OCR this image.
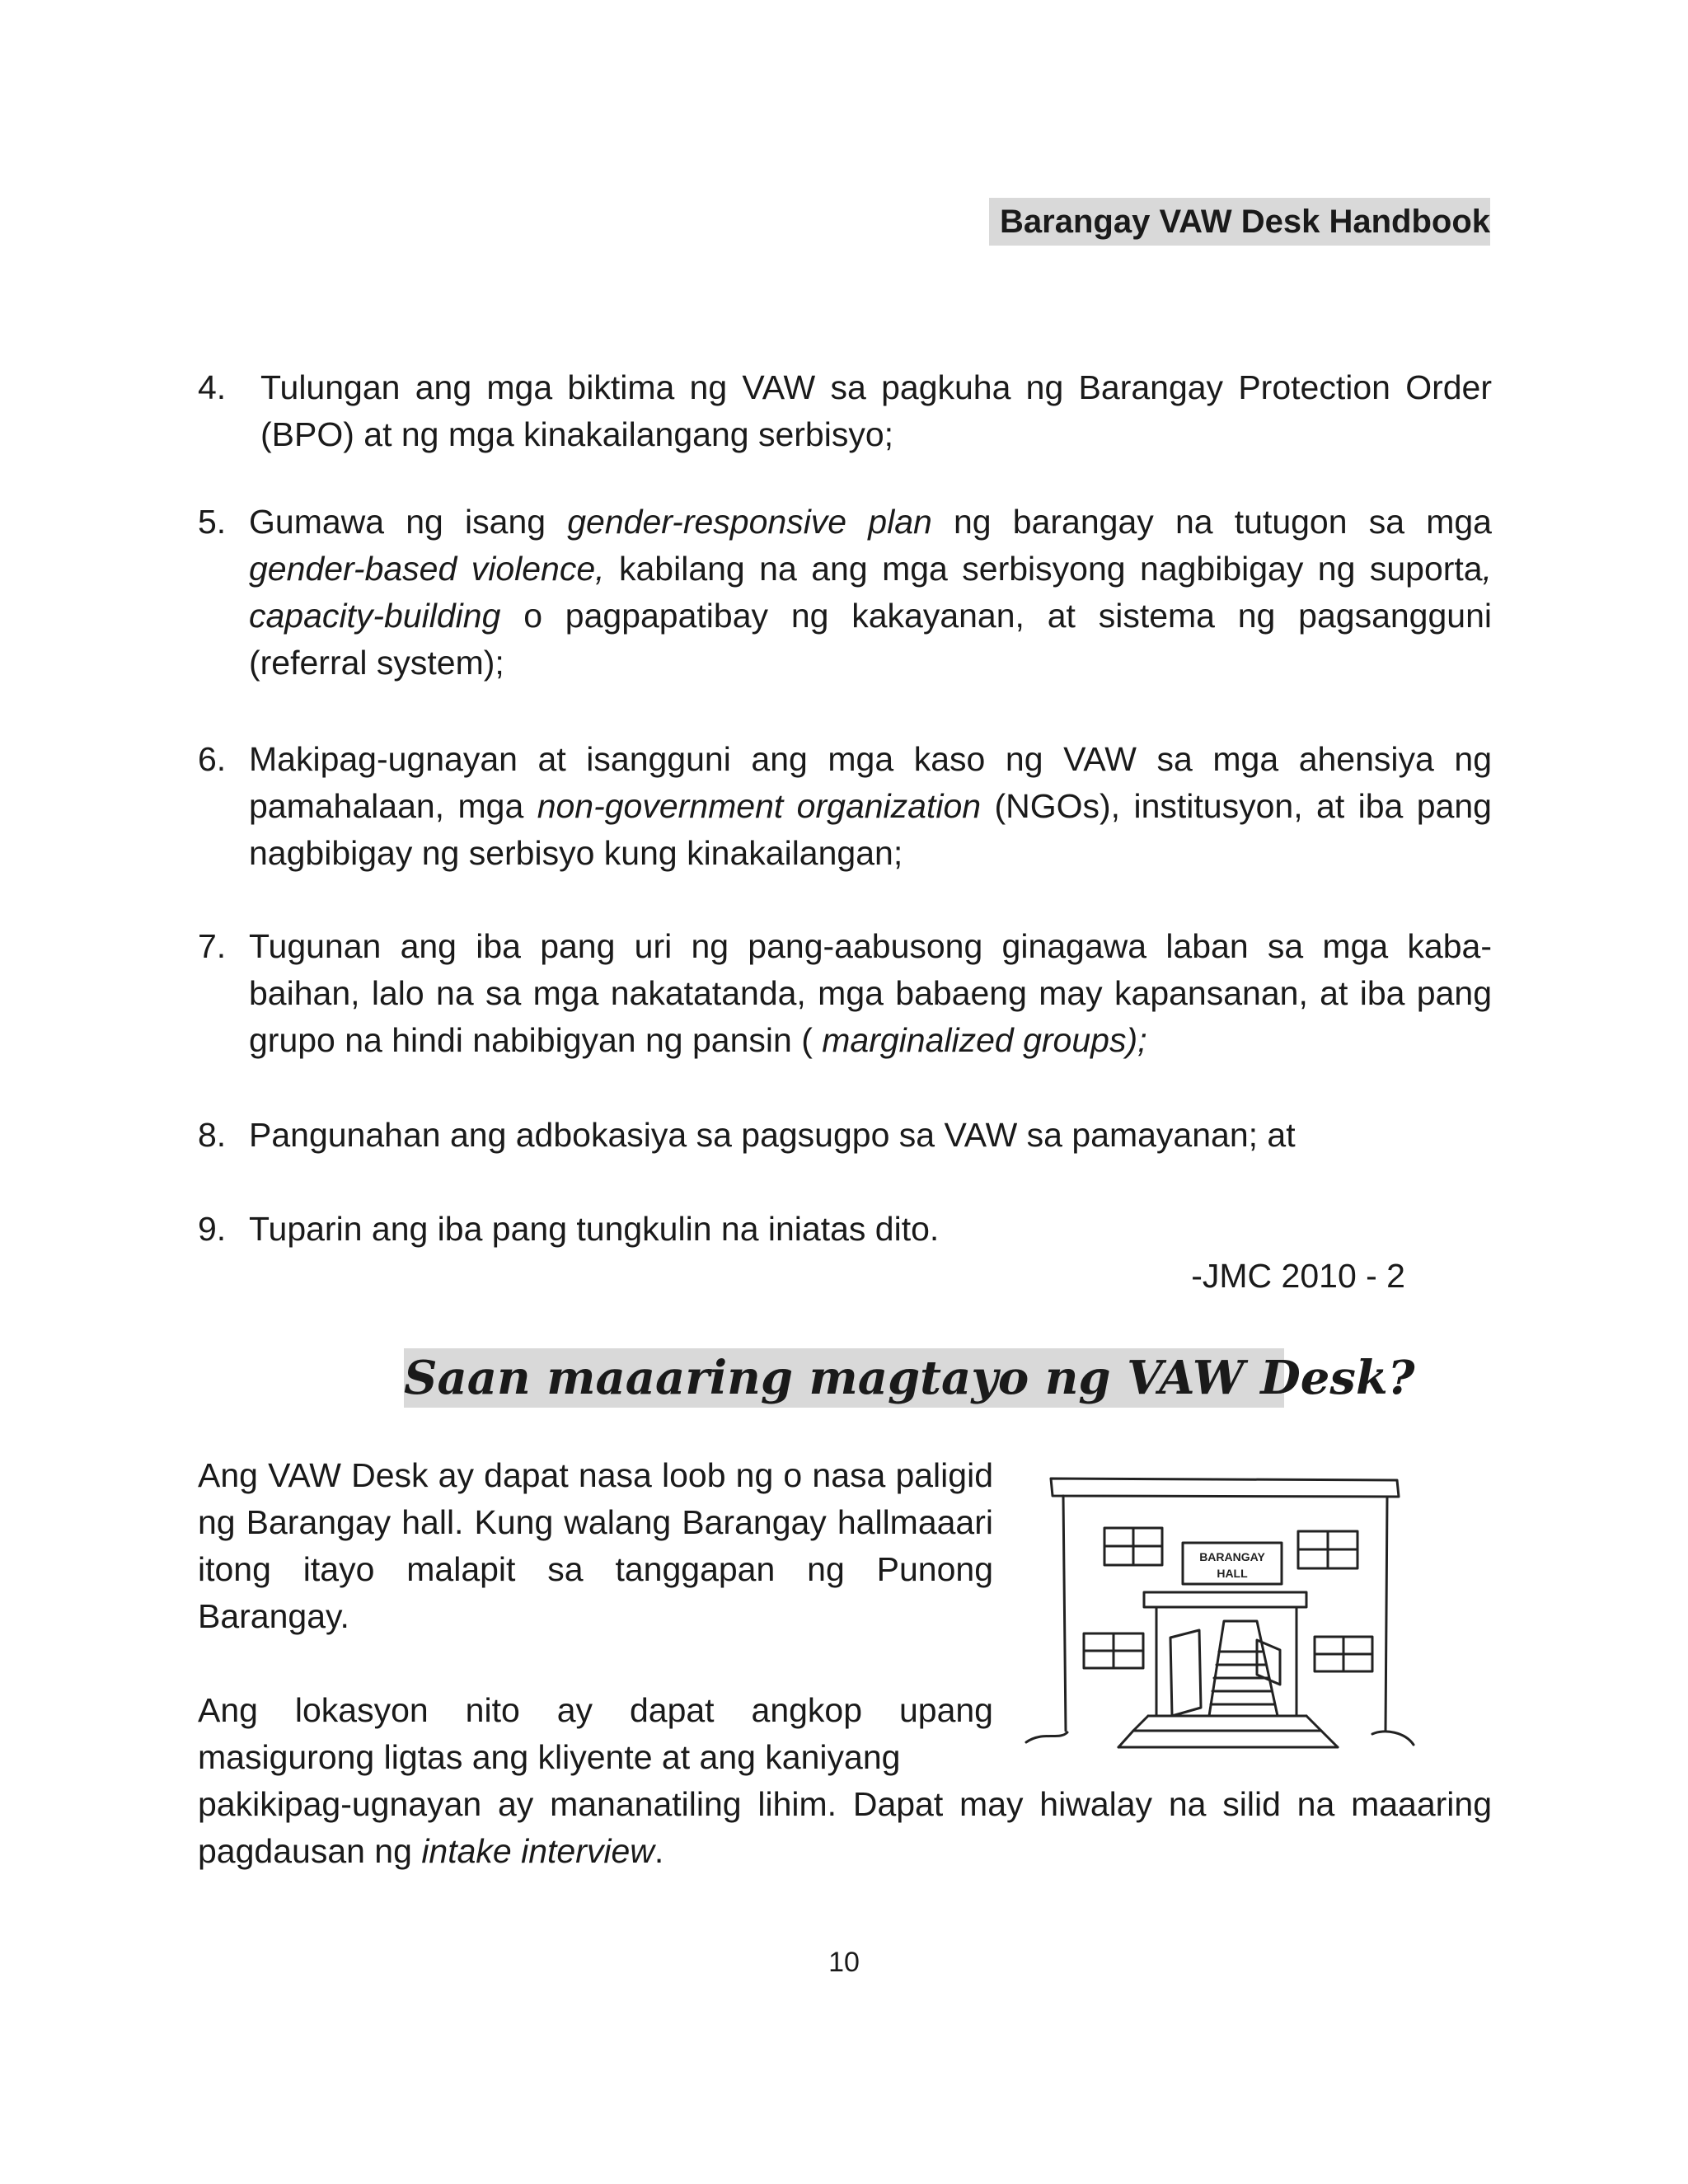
Barangay VAW Desk Handbook
4. Tulungan ang mga biktima ng VAW sa pagkuha ng Barangay Protection Order (BPO) at ng mga kinakailangang serbisyo;
5. Gumawa ng isang gender-responsive plan ng barangay na tutugon sa mga gender-based violence, kabilang na ang mga serbisyong nagbibigay ng suporta, capacity-building o pagpapatibay ng kakayanan, at sistema ng pagsangguni (referral system);
6. Makipag-ugnayan at isangguni ang mga kaso ng VAW sa mga ahensiya ng pamahalaan, mga non-government organization (NGOs), institusyon, at iba pang nagbibigay ng serbisyo kung kinakailangan;
7. Tugunan ang iba pang uri ng pang-aabusong ginagawa laban sa mga kaba-baihan, lalo na sa mga nakatatanda, mga babaeng may kapansanan, at iba pang grupo na hindi nabibigyan ng pansin ( marginalized groups);
8. Pangunahan ang adbokasiya sa pagsugpo sa VAW sa pamayanan; at
9. Tuparin ang iba pang tungkulin na iniatas dito.
-JMC 2010 - 2
Saan maaaring magtayo ng VAW Desk?
Ang VAW Desk ay dapat nasa loob ng o nasa paligid ng Barangay hall. Kung walang Barangay hallmaaari itong itayo malapit sa tanggapan ng Punong Barangay.
Ang lokasyon nito ay dapat angkop upang masigurong ligtas ang kliyente at ang kaniyang
pakikipag-ugnayan ay mananatiling lihim. Dapat may hiwalay na silid na maaaring pagdausan ng intake interview.
BARANGAY
HALL
10
